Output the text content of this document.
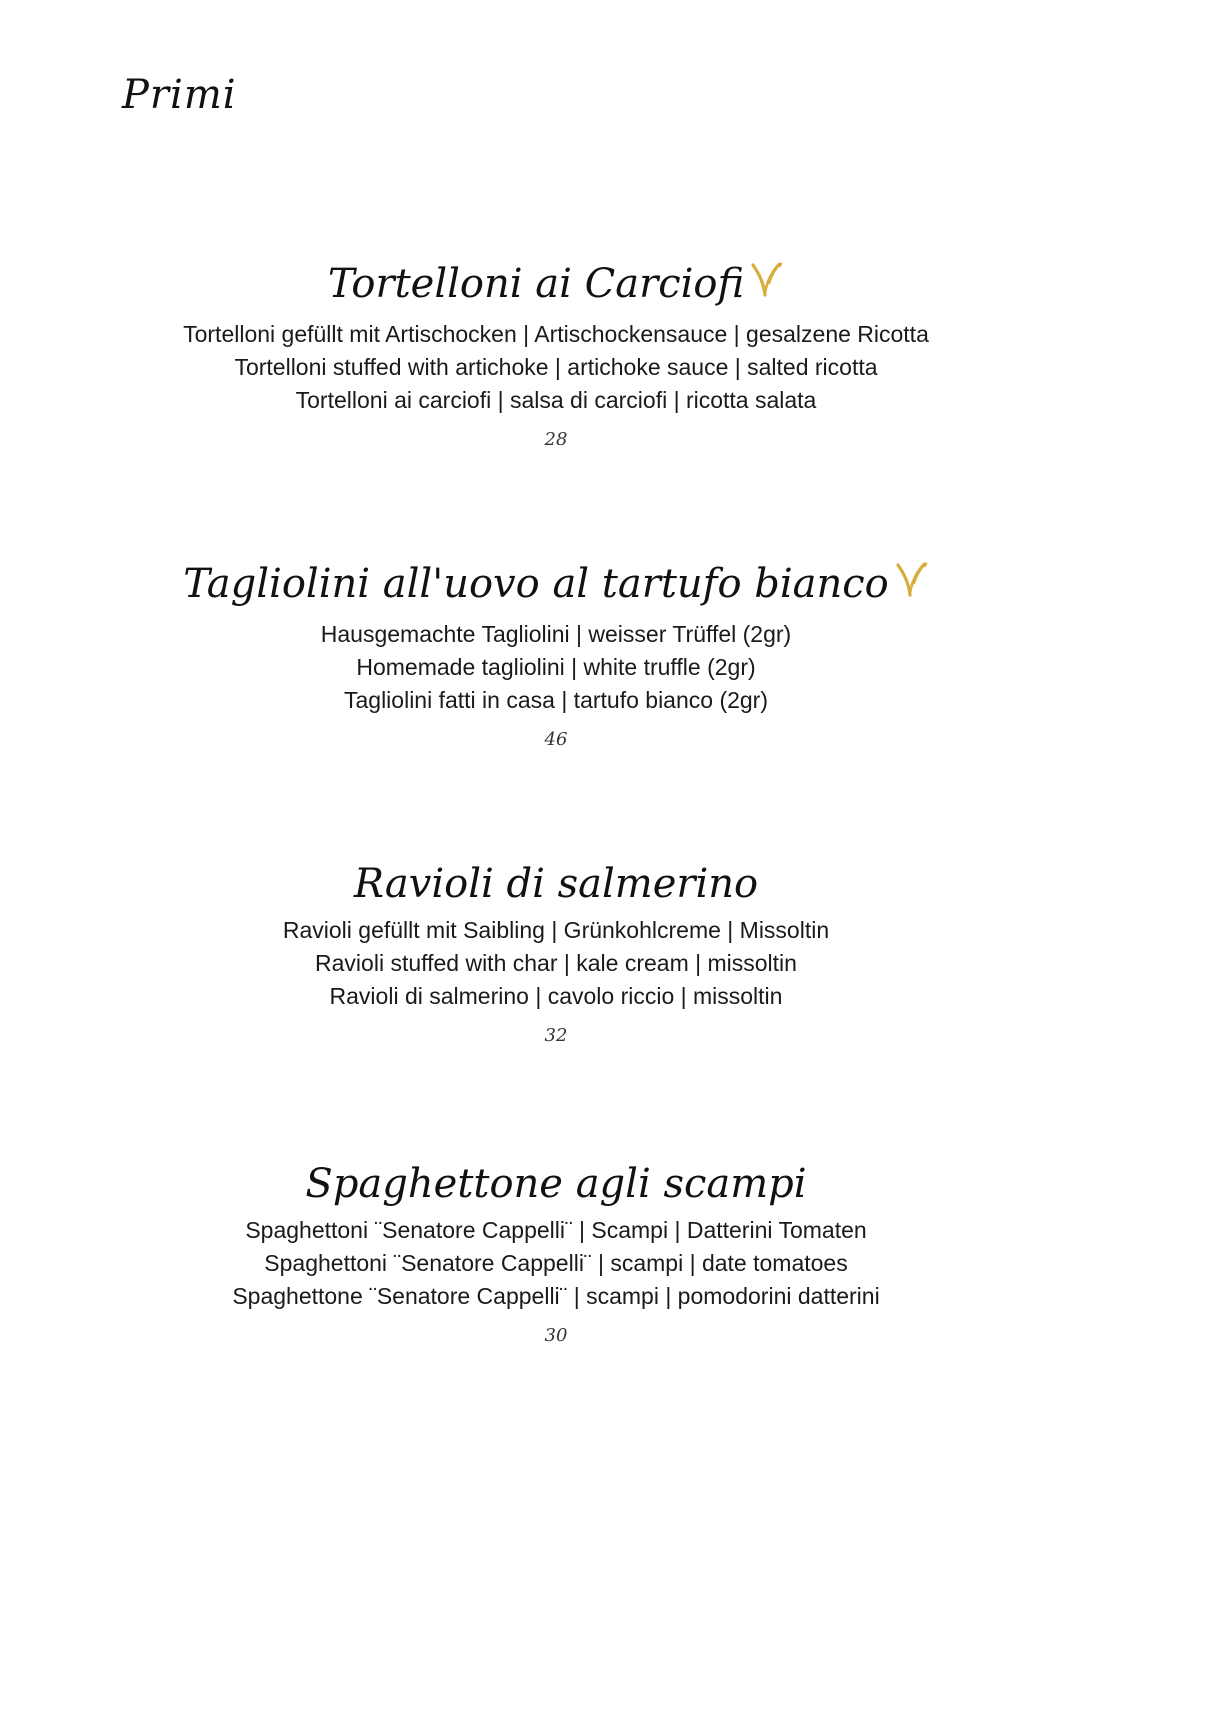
Primi
Tortelloni ai Carciofi

Tortelloni gefüllt mit Artischocken | Artischockensauce | gesalzene Ricotta

Tortelloni stuffed with artichoke | artichoke sauce | salted ricotta

Tortelloni ai carciofi | salsa di carciofi | ricotta salata

28

Tagliolini all'uovo al tartufo bianco

Hausgemachte Tagliolini | weisser Trüffel (2gr)

Homemade tagliolini | white truffle (2gr)

Tagliolini fatti in casa | tartufo bianco (2gr)

46

Ravioli di salmerino

Ravioli gefüllt mit Saibling | Grünkohlcreme | Missoltin

Ravioli stuffed with char | kale cream | missoltin

Ravioli di salmerino | cavolo riccio | missoltin

32

Spaghettone agli scampi

Spaghettoni ¨Senatore Cappelli¨ | Scampi | Datterini Tomaten

Spaghettoni ¨Senatore Cappelli¨ | scampi | date tomatoes

Spaghettone ¨Senatore Cappelli¨ | scampi | pomodorini datterini

30
